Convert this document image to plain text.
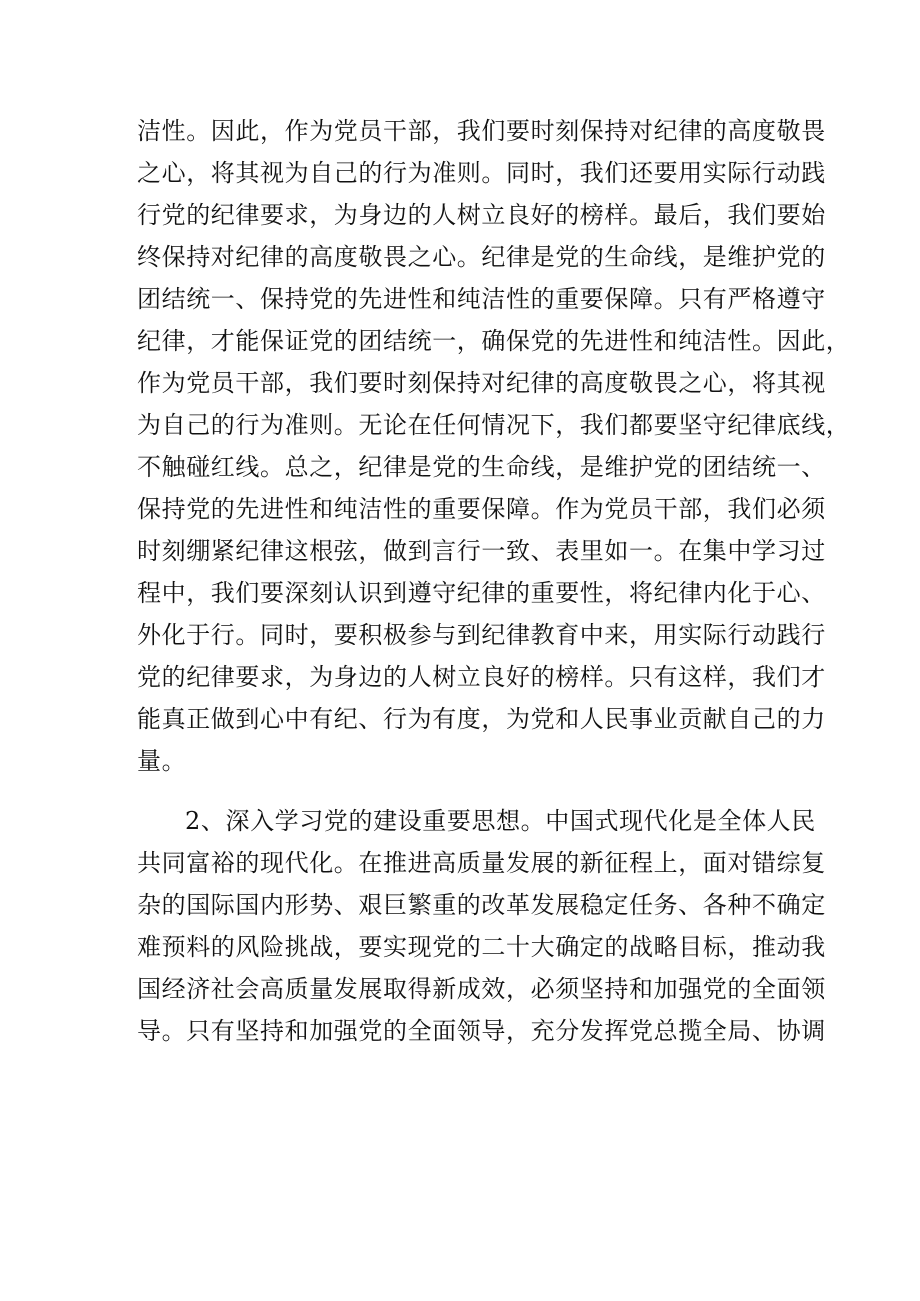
洁性。因此，作为党员干部，我们要时刻保持对纪律的高度敬畏
之心，将其视为自己的行为准则。同时，我们还要用实际行动践
行党的纪律要求，为身边的人树立良好的榜样。最后，我们要始
终保持对纪律的高度敬畏之心。纪律是党的生命线，是维护党的
团结统一、保持党的先进性和纯洁性的重要保障。只有严格遵守
纪律，才能保证党的团结统一，确保党的先进性和纯洁性。因此，
作为党员干部，我们要时刻保持对纪律的高度敬畏之心，将其视
为自己的行为准则。无论在任何情况下，我们都要坚守纪律底线，
不触碰红线。总之，纪律是党的生命线，是维护党的团结统一、
保持党的先进性和纯洁性的重要保障。作为党员干部，我们必须
时刻绷紧纪律这根弦，做到言行一致、表里如一。在集中学习过
程中，我们要深刻认识到遵守纪律的重要性，将纪律内化于心、
外化于行。同时，要积极参与到纪律教育中来，用实际行动践行
党的纪律要求，为身边的人树立良好的榜样。只有这样，我们才
能真正做到心中有纪、行为有度，为党和人民事业贡献自己的力
量。
2、深入学习党的建设重要思想。中国式现代化是全体人民
共同富裕的现代化。在推进高质量发展的新征程上，面对错综复
杂的国际国内形势、艰巨繁重的改革发展稳定任务、各种不确定
难预料的风险挑战，要实现党的二十大确定的战略目标，推动我
国经济社会高质量发展取得新成效，必须坚持和加强党的全面领
导。只有坚持和加强党的全面领导，充分发挥党总揽全局、协调
